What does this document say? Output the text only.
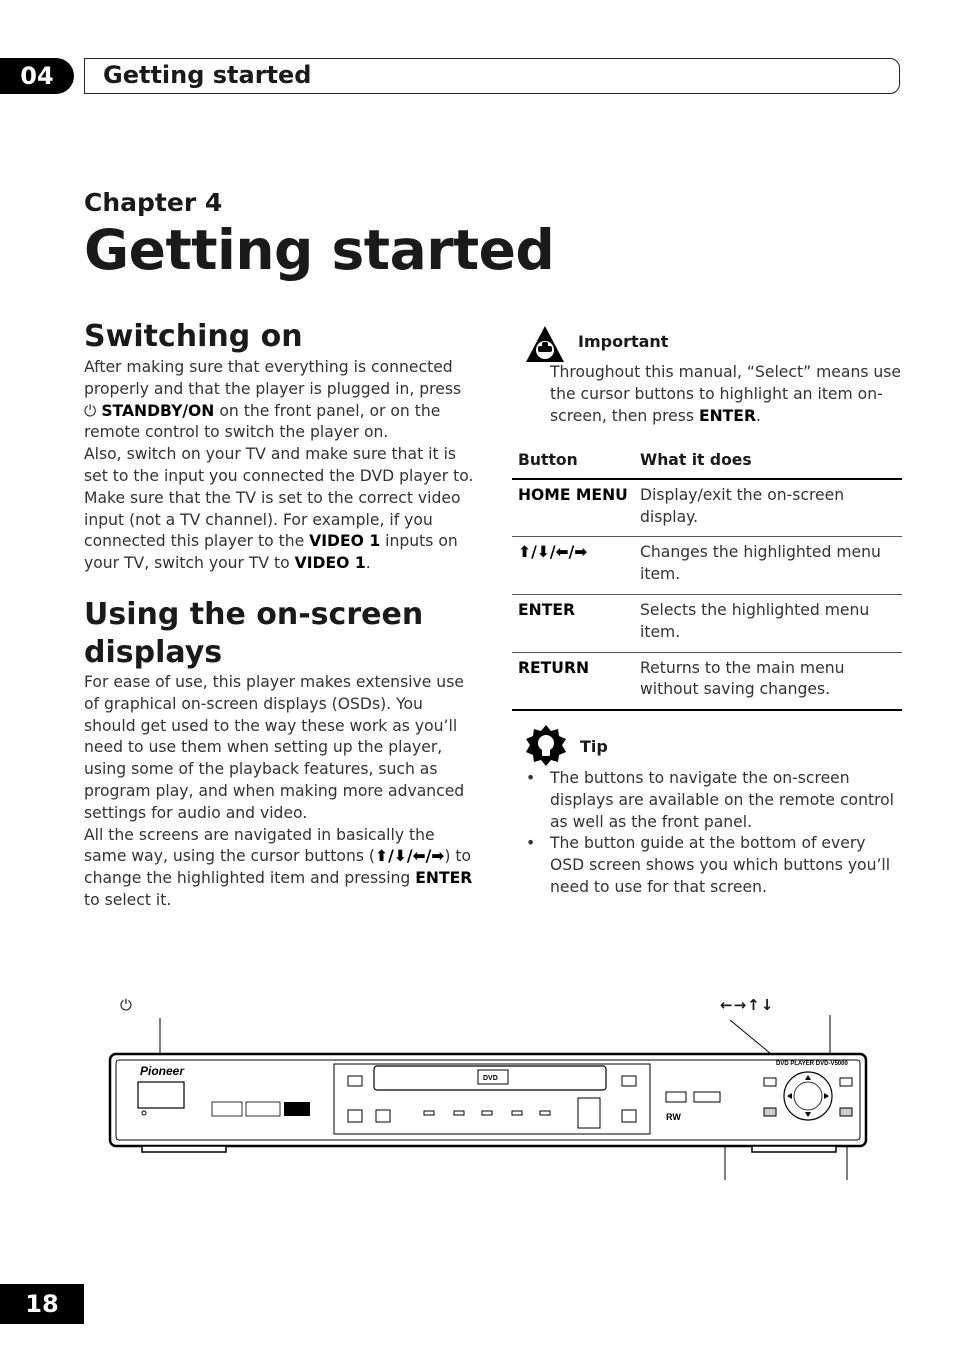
04	Getting started
Chapter 4
Getting started
Switching on

After making sure that everything is connected properly and that the player is plugged in, press ⏻ STANDBY/ON on the front panel, or on the remote control to switch the player on.

Also, switch on your TV and make sure that it is set to the input you connected the DVD player to. Make sure that the TV is set to the correct video input (not a TV channel). For example, if you connected this player to the VIDEO 1 inputs on your TV, switch your TV to VIDEO 1.

Using the on-screen
displays

For ease of use, this player makes extensive use of graphical on-screen displays (OSDs). You should get used to the way these work as you’ll need to use them when setting up the player, using some of the playback features, such as program play, and when making more advanced settings for audio and video.

All the screens are navigated in basically the same way, using the cursor buttons (⬆/⬇/⬅/➡) to change the highlighted item and pressing ENTER to select it.

Important
Throughout this manual, “Select” means use the cursor buttons to highlight an item on-screen, then press ENTER.
Button	What it does
HOME MENU	Display/exit the on-screen display.
⬆/⬇/⬅/➡	Changes the highlighted menu item.
ENTER	Selects the highlighted menu item.
RETURN	Returns to the main menu without saving changes.
Tip
• The buttons to navigate the on-screen displays are available on the remote control as well as the front panel.
• The button guide at the bottom of every OSD screen shows you which buttons you’ll need to use for that screen.
⏻	←→↑↓
Pioneer
DVD
RW
DVD PLAYER DVD-V5000
18
